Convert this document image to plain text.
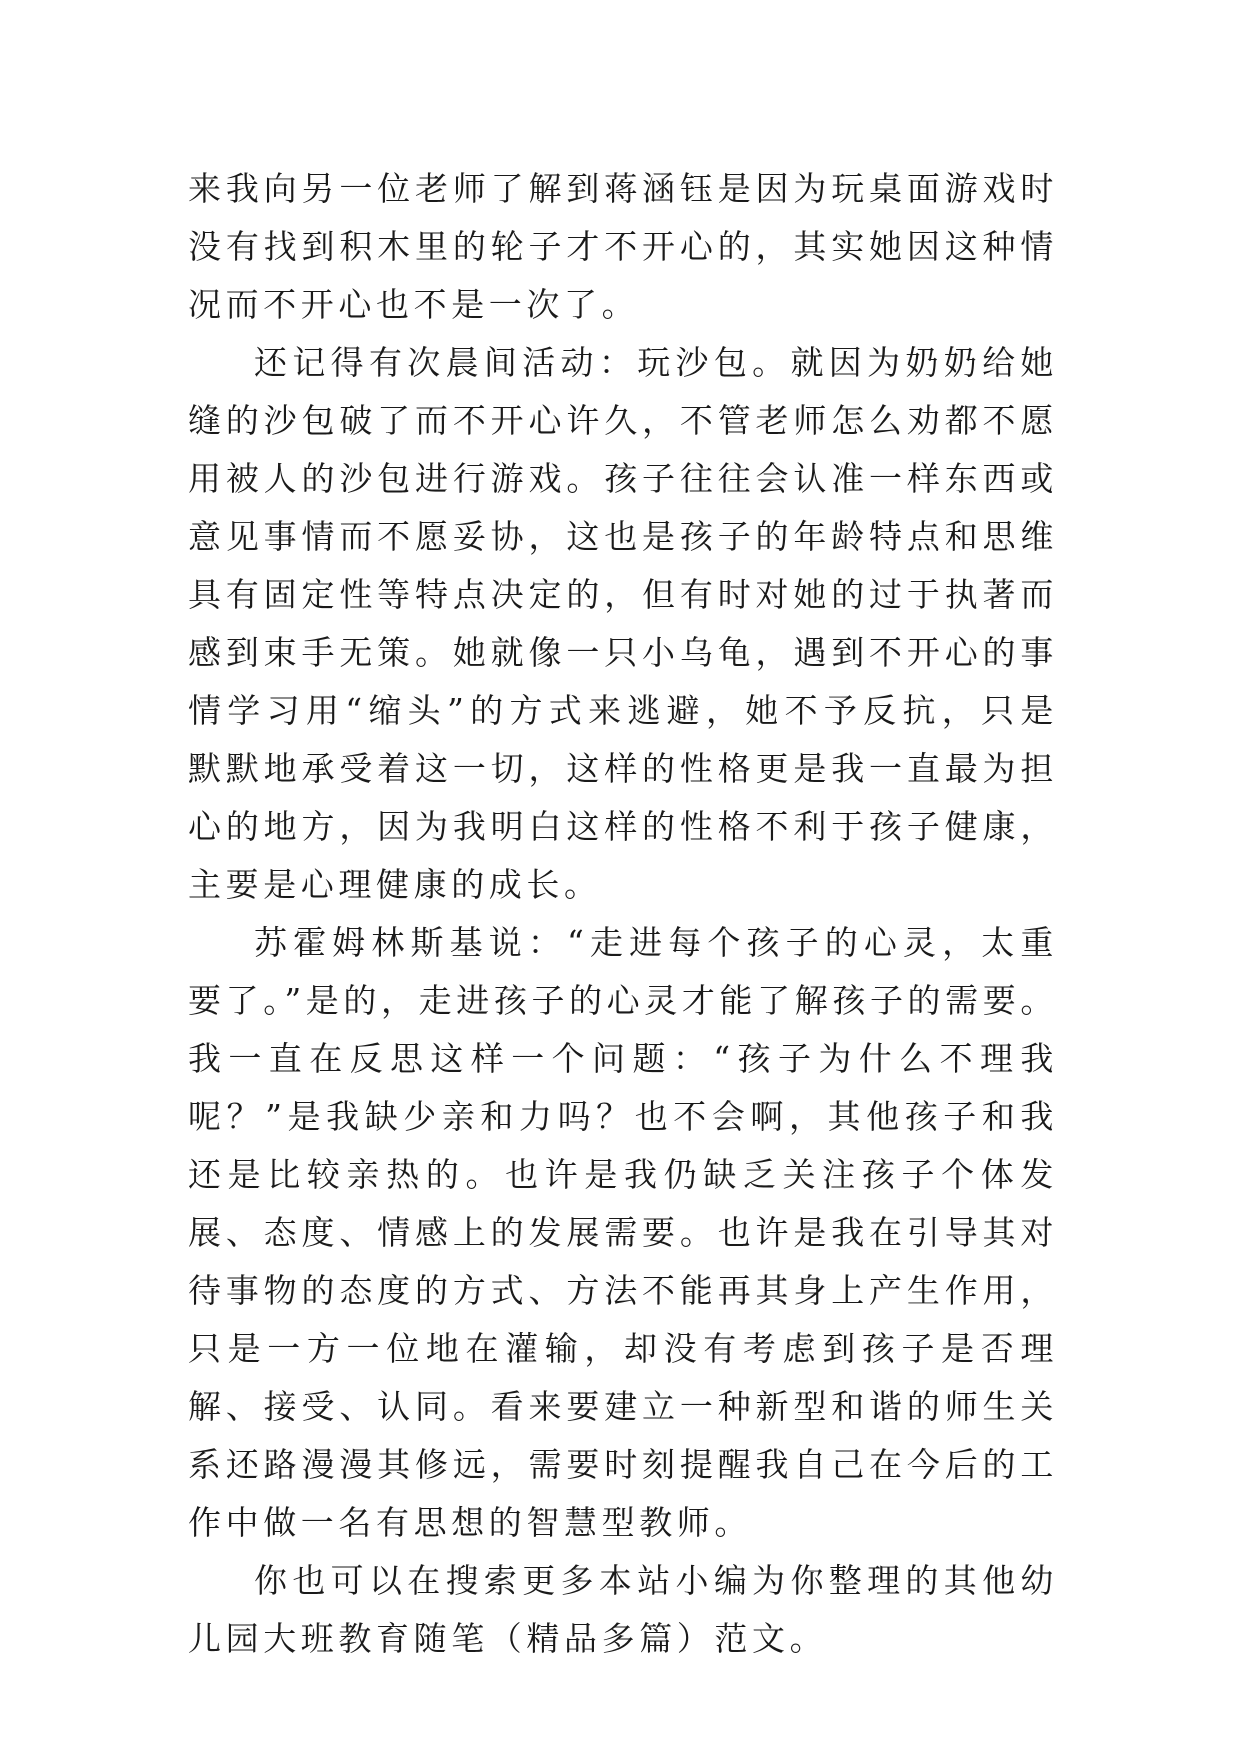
来我向另一位老师了解到蒋涵钰是因为玩桌面游戏时没有找到积木里的轮子才不开心的，其实她因这种情况而不开心也不是一次了。

还记得有次晨间活动：玩沙包。就因为奶奶给她缝的沙包破了而不开心许久，不管老师怎么劝都不愿用被人的沙包进行游戏。孩子往往会认准一样东西或意见事情而不愿妥协，这也是孩子的年龄特点和思维具有固定性等特点决定的，但有时对她的过于执著而感到束手无策。她就像一只小乌龟，遇到不开心的事情学习用“缩头”的方式来逃避，她不予反抗，只是默默地承受着这一切，这样的性格更是我一直最为担心的地方，因为我明白这样的性格不利于孩子健康，主要是心理健康的成长。

苏霍姆林斯基说：“走进每个孩子的心灵，太重要了。”是的，走进孩子的心灵才能了解孩子的需要。我一直在反思这样一个问题：“孩子为什么不理我呢？”是我缺少亲和力吗？也不会啊，其他孩子和我还是比较亲热的。也许是我仍缺乏关注孩子个体发展、态度、情感上的发展需要。也许是我在引导其对待事物的态度的方式、方法不能再其身上产生作用，只是一方一位地在灌输，却没有考虑到孩子是否理解、接受、认同。看来要建立一种新型和谐的师生关系还路漫漫其修远，需要时刻提醒我自己在今后的工作中做一名有思想的智慧型教师。

你也可以在搜索更多本站小编为你整理的其他幼儿园大班教育随笔（精品多篇）范文。
